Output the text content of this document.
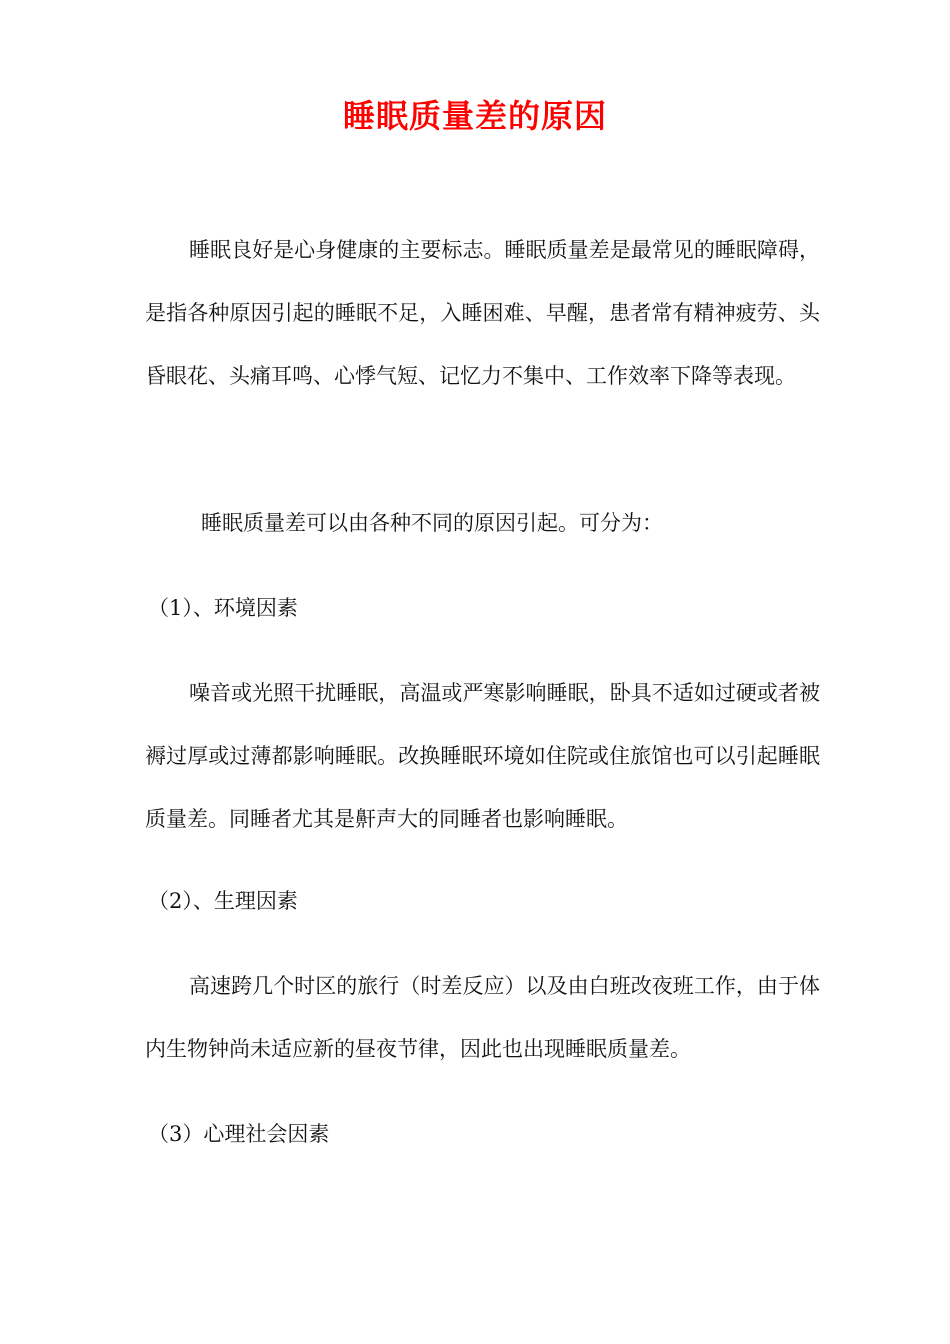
睡眠质量差的原因

睡眠良好是心身健康的主要标志。睡眠质量差是最常见的睡眠障碍，是指各种原因引起的睡眠不足，入睡困难、早醒，患者常有精神疲劳、头昏眼花、头痛耳鸣、心悸气短、记忆力不集中、工作效率下降等表现。

睡眠质量差可以由各种不同的原因引起。可分为：

（1）、环境因素

噪音或光照干扰睡眠，高温或严寒影响睡眠，卧具不适如过硬或者被褥过厚或过薄都影响睡眠。改换睡眠环境如住院或住旅馆也可以引起睡眠质量差。同睡者尤其是鼾声大的同睡者也影响睡眠。

（2）、生理因素

高速跨几个时区的旅行（时差反应）以及由白班改夜班工作，由于体内生物钟尚未适应新的昼夜节律，因此也出现睡眠质量差。

（3）心理社会因素
